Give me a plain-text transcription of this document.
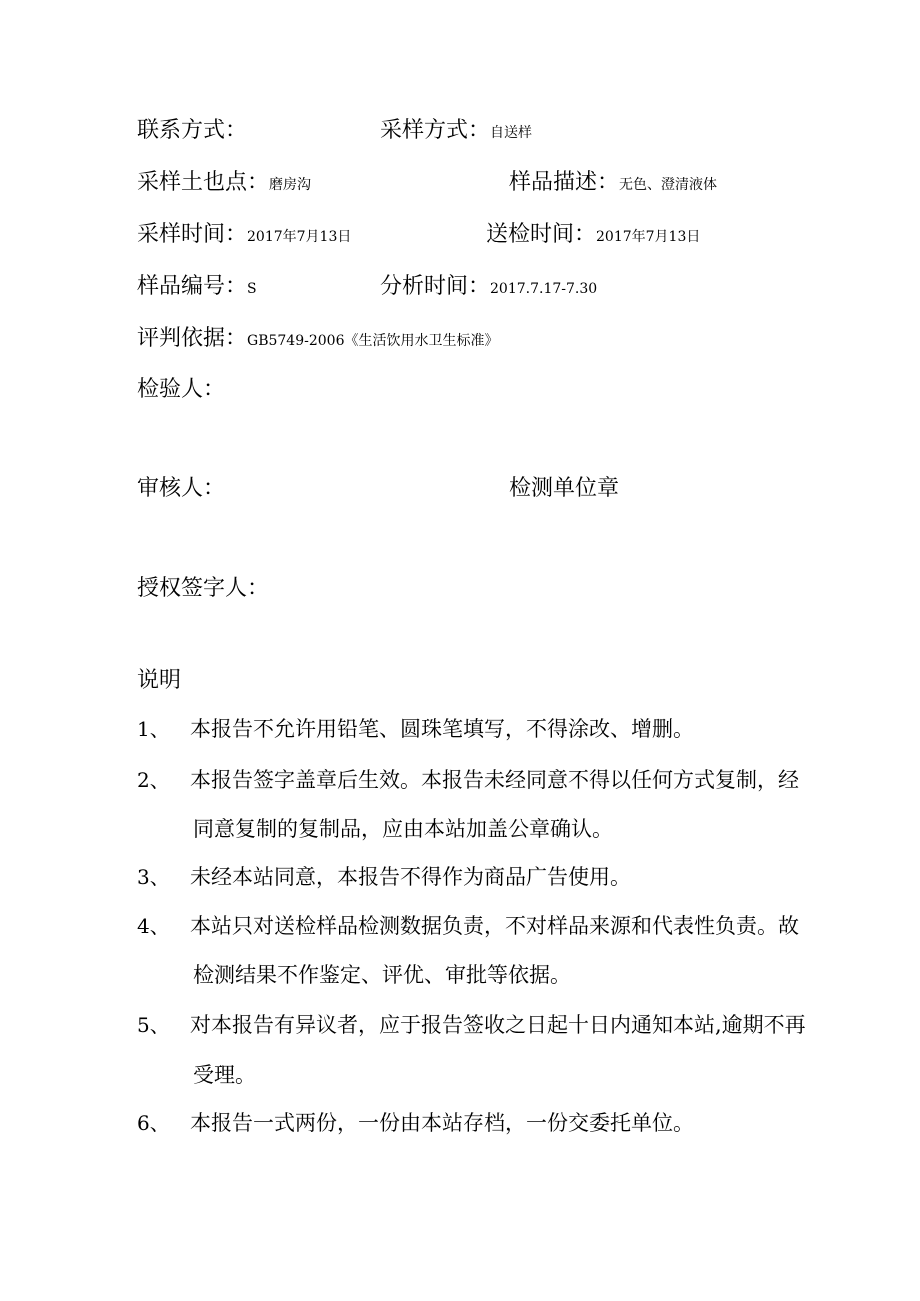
联系方式：	采样方式：自送样
采样土也点：磨房沟	样品描述：无色、澄清液体
采样时间：2017年7月13日	送检时间：2017年7月13日
样品编号：S	分析时间：2017.7.17-7.30
评判依据：GB5749-2006《生活饮用水卫生标准》
检验人：
审核人：	检测单位章
授权签字人：
说明
1、 本报告不允许用铅笔、圆珠笔填写，不得涂改、增删。
2、 本报告签字盖章后生效。本报告未经同意不得以任何方式复制，经
同意复制的复制品，应由本站加盖公章确认。
3、 未经本站同意，本报告不得作为商品广告使用。
4、 本站只对送检样品检测数据负责，不对样品来源和代表性负责。故
检测结果不作鉴定、评优、审批等依据。
5、 对本报告有异议者，应于报告签收之日起十日内通知本站,逾期不再
受理。
6、 本报告一式两份，一份由本站存档，一份交委托单位。
